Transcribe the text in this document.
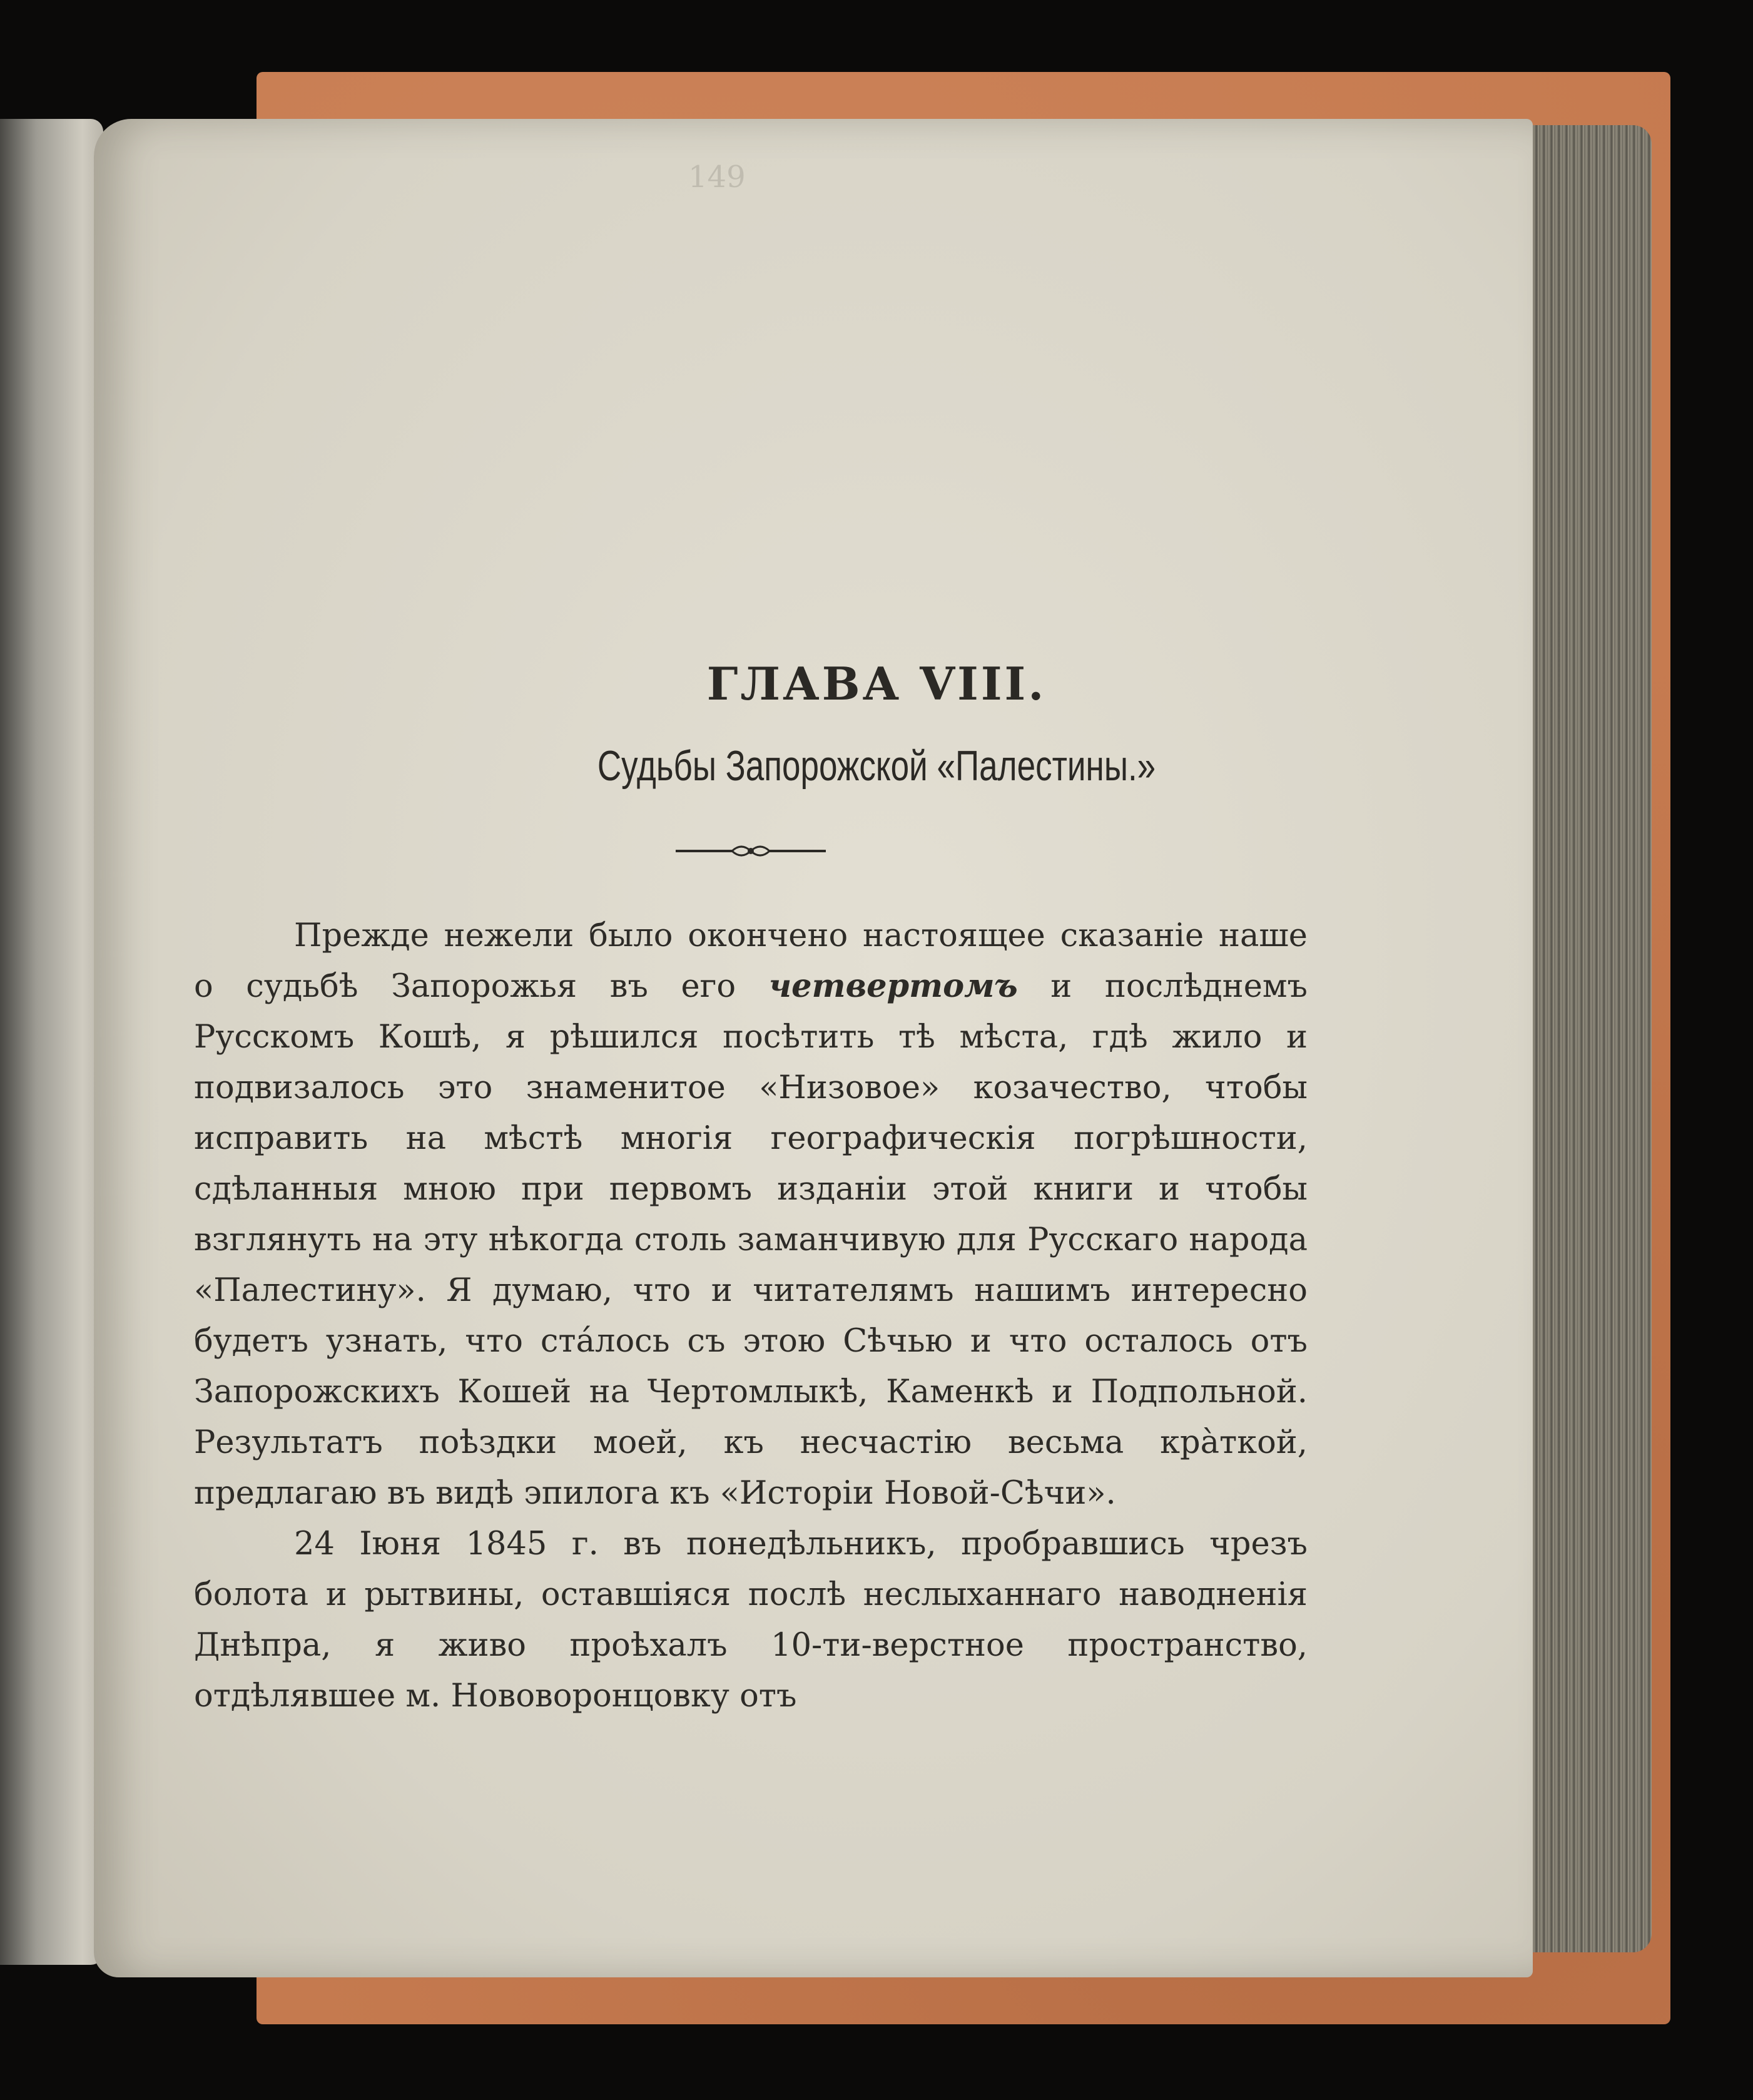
149

ГЛАВА VIII.
Судьбы Запорожской «Палестины.»

Прежде нежели было окончено настоящее сказаніе наше о судьбѣ Запорожья въ его четвертомъ и послѣднемъ Русскомъ Кошѣ, я рѣшился посѣтить тѣ мѣста, гдѣ жило и подвизалось это знаменитое «Низовое» козачество, чтобы исправить на мѣстѣ многія географическія погрѣшности, сдѣланныя мною при первомъ изданіи этой книги и чтобы взглянуть на эту нѣкогда столь заманчивую для Русскаго народа «Палестину». Я думаю, что и читателямъ нашимъ интересно будетъ узнать, что стáлось съ этою Сѣчью и что осталось отъ Запорожскихъ Кошей на Чертомлыкѣ, Каменкѣ и Подпольной. Результатъ поѣздки моей, къ несчастію весьма кра̀ткой, предлагаю въ видѣ эпилога къ «Исторіи Новой-Сѣчи».

24 Іюня 1845 г. въ понедѣльникъ, пробравшись чрезъ болота и рытвины, оставшіяся послѣ неслыханнаго наводненія Днѣпра, я живо проѣхалъ 10-ти-верстное пространство, отдѣлявшее м. Нововоронцовку отъ
